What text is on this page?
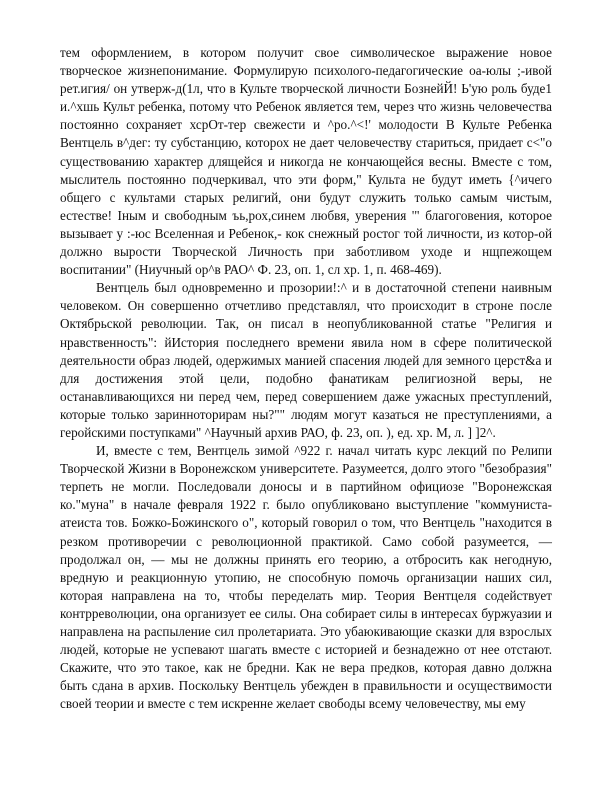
тем оформлением, в котором получит свое символическое выражение новое творческое жизнепонимание. Формулирую психолого-педагогические оа-юлы ;-ивой рет.игия/ он утверж-д(1л, что в Культе творческой личности БознейЙ! Ь'ую роль буде1 и.^хшь Культ ребенка, потому что Ребенок является тем, через что жизнь человечества постоянно сохраняет хсрОт-тер свежести и ^ро.^<!' молодости В Культе Ребенка Вентцель в^дег: ту субстанцию, которох не дает человечеству стариться, придает с<"о существованию характер длящейся и никогда не кончающейся весны. Вместе с том, мыслитель постоянно подчеркивал, что эти форм," Культа не будут иметь {^ичего общего с культами старых религий, они будут служить только самым чистым, естестве! Іным и свободным ъь,рох,синем любвя, уверения '" благоговения, которое вызывает у :-юс Вселенная и Ребенок,- кок снежный ростог той личности, из котор-ой должно вырости Творческой Личность при заботливом уходе и нщпежощем воспитании" (Ниучный ор^в РАО^ Ф. 23, оп. 1, сл хр. 1, п. 468-469).

Вентцель был одновременно и прозории!:^ и в достаточной степени наивным человеком. Он совершенно отчетливо представлял, что происходит в строне после Октябрьской революции. Так, он писал в неопубликованной статье "Религия и нравственность": йИстория последнего времени явила ном в сфере политической деятельности образ людей, одержимых манией спасения людей для земного церст&а и для достижения этой цели, подобно фанатикам религиозной веры, не останавливающихся ни перед чем, перед совершением даже ужасных преступлений, которые только заринноторирам ны?"" людям могут казаться не преступлениями, а геройскими поступками" ^Научный архив РАО, ф. 23, оп. ), ед. хр. М, л. ] ]2^.

И, вместе с тем, Вентцель зимой ^922 г. начал читать курс лекций по Релипи Творческой Жизни в Воронежском университете. Разумеется, долго этого "безобразия" терпеть не могли. Последовали доносы и в партийном официозе "Воронежская ко."муна" в начале февраля 1922 г. было опубликовано выступление "коммуниста-атеиста тов. Божко-Божинского о", который говорил о том, что Вентцель "находится в резком противоречии с революционной практикой. Само собой разумеется, — продолжал он, — мы не должны принять его теорию, а отбросить как негодную, вредную и реакционную утопию, не способную помочь организации наших сил, которая направлена на то, чтобы переделать мир. Теория Вентцеля содействует контрреволюции, она организует ее силы. Она собирает силы в интересах буржуазии и направлена на распыление сил пролетариата. Это убаюкивающие сказки для взрослых людей, которые не успевают шагать вместе с историей и безнадежно от нее отстают. Скажите, что это такое, как не бредни. Как не вера предков, которая давно должна быть сдана в архив. Поскольку Вентцель убежден в правильности и осуществимости своей теории и вместе с тем искренне желает свободы всему человечеству, мы ему
